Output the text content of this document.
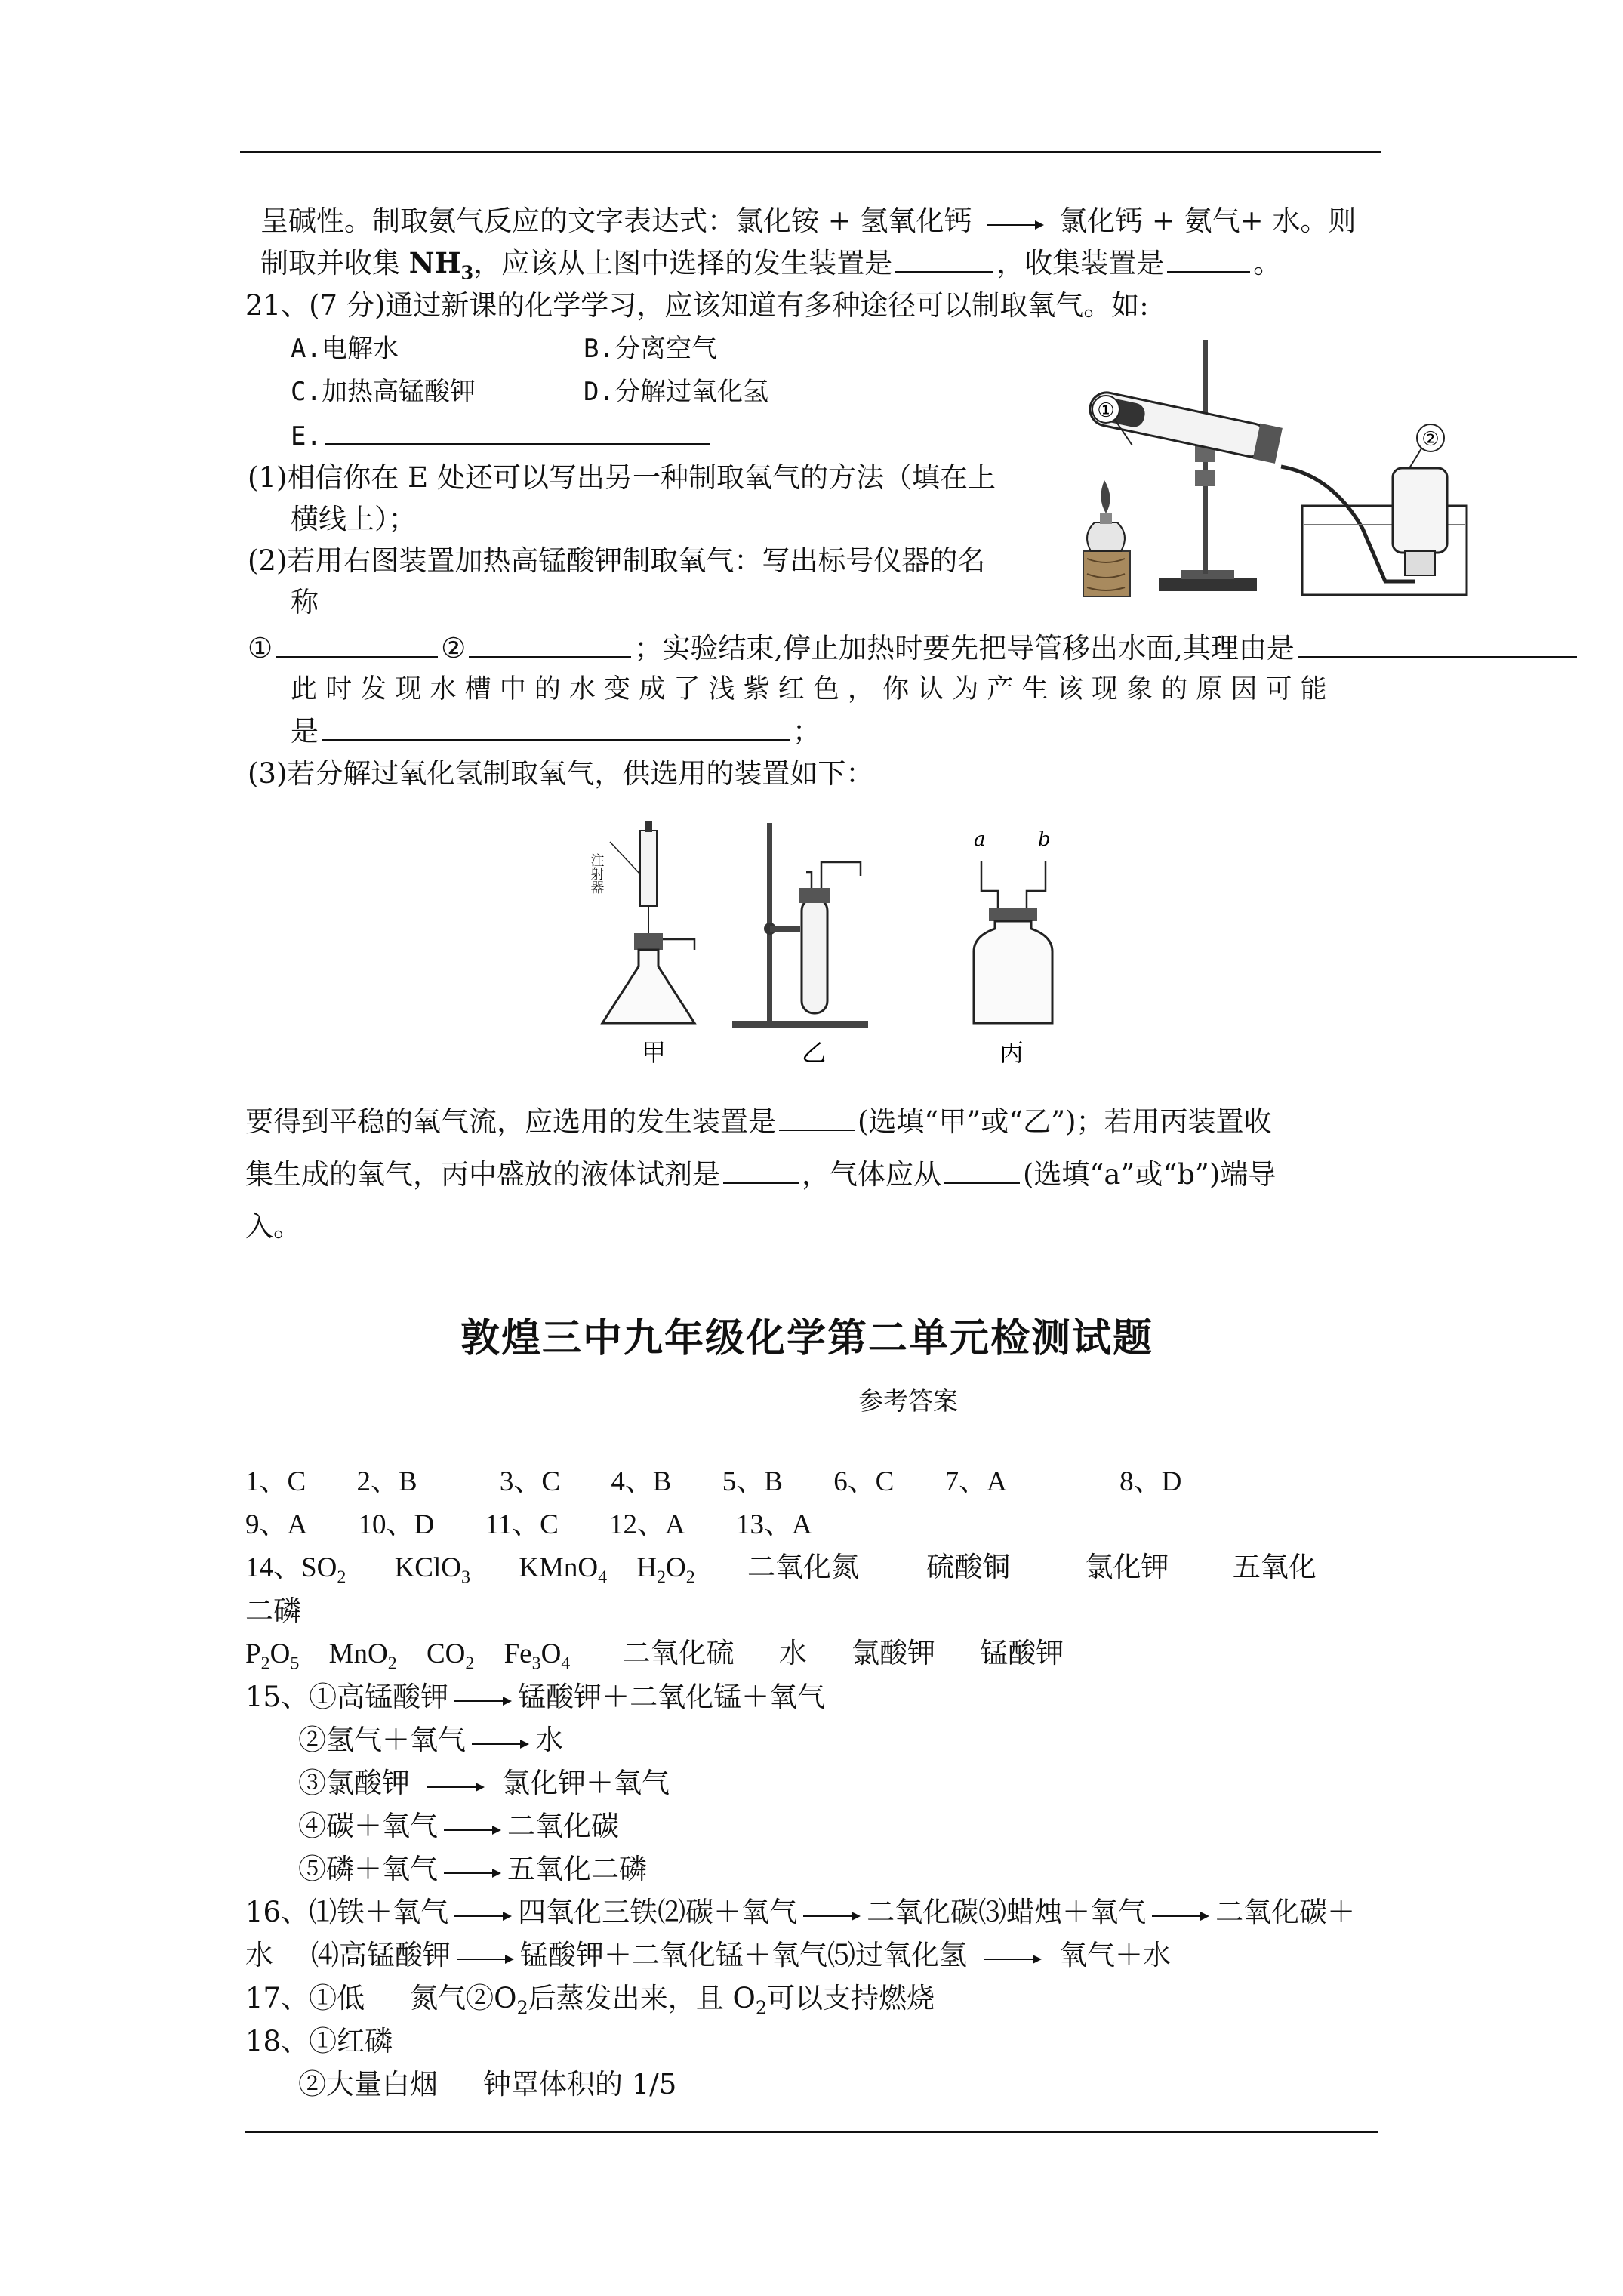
呈碱性。制取氨气反应的文字表达式：氯化铵 + 氢氧化钙 → 氯化钙 + 氨气+ 水。则
制取并收集 $NH_3$，应该从上图中选择的发生装置是	，收集装置是	。
21、(7 分)通过新课的化学学习，应该知道有多种途径可以制取氧气。如:
A.电解水	B.分离空气
C.加热高锰酸钾	D.分解过氧化氢
E.
(1)相信你在 E 处还可以写出另一种制取氧气的方法（填在上
横线上）；
(2)若用右图装置加热高锰酸钾制取氧气：写出标号仪器的名
称
①	②	；实验结束,停止加热时要先把导管移出水面,其理由是
此 时 发 现 水 槽 中 的 水 变 成 了 浅 紫 红 色 ， 你 认 为 产 生 该 现 象 的 原 因 可 能
是	；
(3)若分解过氧化氢制取氧气，供选用的装置如下：
①
②
注射器
甲	乙
a	b
丙
要得到平稳的氧气流，应选用的发生装置是	(选填“甲”或“乙”)；若用丙装置收
集生成的氧气，丙中盛放的液体试剂是	，气体应从	(选填“a”或“b”)端导
入。
敦煌三中九年级化学第二单元检测试题
参考答案
1、C 2、B	3、C 4、B 5、B 6、C 7、A	8、D
9、A 10、D 11、C 12、A 13、A
14、$SO_2$ KClO$_3$ KMnO$_4$ $H_2O_2$ 二氧化氮 硫酸铜	氯化钾 五氧化
二磷
$P_2O_5$ MnO$_2$ $CO_2$ $Fe_3O_4$ 二氧化硫 水 氯酸钾 锰酸钾
15、①高锰酸钾 → 锰酸钾＋二氧化锰＋氧气
②氢气＋氧气 → 水
③氯酸钾 → 氯化钾＋氧气
④碳＋氧气 → 二氧化碳
⑤磷＋氧气 → 五氧化二磷
16、⑴铁＋氧气 → 四氧化三铁⑵碳＋氧气 → 二氧化碳⑶蜡烛＋氧气 → 二氧化碳＋
水 ⑷高锰酸钾 → 锰酸钾＋二氧化锰＋氧气⑸过氧化氢 → 氧气＋水
17、①低 氮气$②O_2$后蒸发出来，且 $O_2$可以支持燃烧
18、①红磷
②大量白烟 钟罩体积的 1/5
